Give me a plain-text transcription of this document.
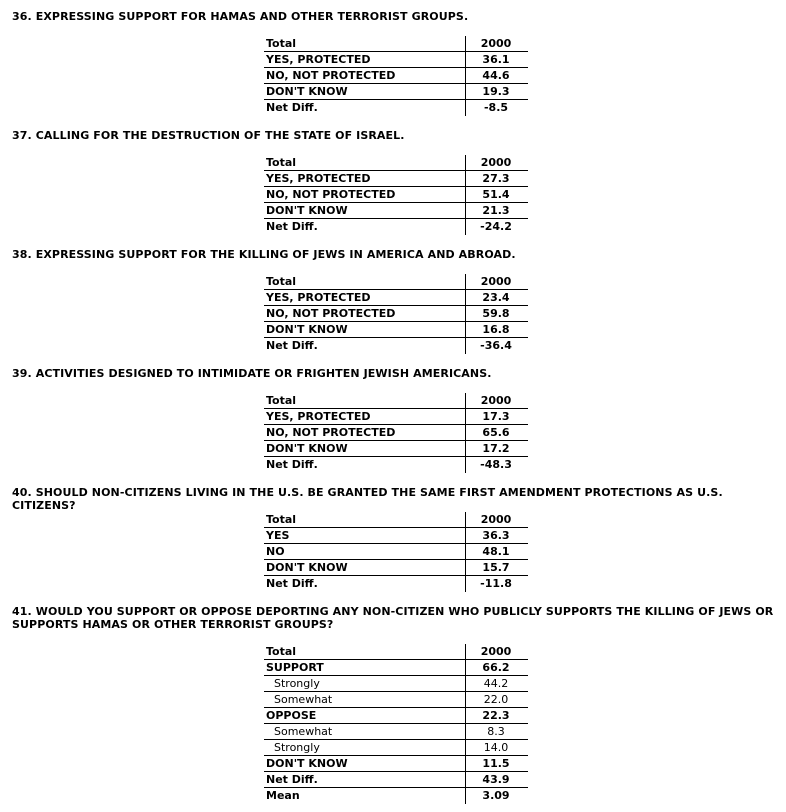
36. EXPRESSING SUPPORT FOR HAMAS AND OTHER TERRORIST GROUPS.
Total	2000
YES, PROTECTED	36.1
NO, NOT PROTECTED	44.6
DON'T KNOW	19.3
Net Diff.	-8.5
37. CALLING FOR THE DESTRUCTION OF THE STATE OF ISRAEL.
Total	2000
YES, PROTECTED	27.3
NO, NOT PROTECTED	51.4
DON'T KNOW	21.3
Net Diff.	-24.2
38. EXPRESSING SUPPORT FOR THE KILLING OF JEWS IN AMERICA AND ABROAD.
Total	2000
YES, PROTECTED	23.4
NO, NOT PROTECTED	59.8
DON'T KNOW	16.8
Net Diff.	-36.4
39. ACTIVITIES DESIGNED TO INTIMIDATE OR FRIGHTEN JEWISH AMERICANS.
Total	2000
YES, PROTECTED	17.3
NO, NOT PROTECTED	65.6
DON'T KNOW	17.2
Net Diff.	-48.3
40. SHOULD NON-CITIZENS LIVING IN THE U.S. BE GRANTED THE SAME FIRST AMENDMENT PROTECTIONS AS U.S. CITIZENS?
Total	2000
YES	36.3
NO	48.1
DON'T KNOW	15.7
Net Diff.	-11.8
41. WOULD YOU SUPPORT OR OPPOSE DEPORTING ANY NON-CITIZEN WHO PUBLICLY SUPPORTS THE KILLING OF JEWS OR SUPPORTS HAMAS OR OTHER TERRORIST GROUPS?
Total	2000
SUPPORT	66.2
Strongly	44.2
Somewhat	22.0
OPPOSE	22.3
Somewhat	8.3
Strongly	14.0
DON'T KNOW	11.5
Net Diff.	43.9
Mean	3.09
